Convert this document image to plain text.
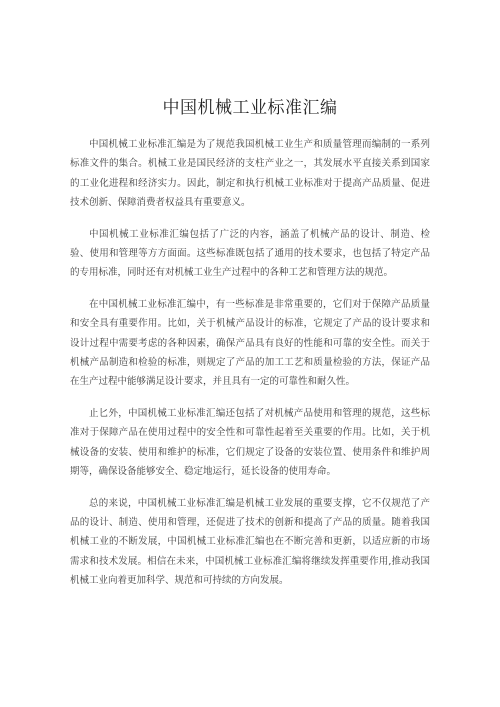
中国机械工业标准汇编

中国机械工业标准汇编是为了规范我国机械工业生产和质量管理而编制的一系列标准文件的集合。机械工业是国民经济的支柱产业之一，其发展水平直接关系到国家的工业化进程和经济实力。因此，制定和执行机械工业标准对于提高产品质量、促进技术创新、保障消费者权益具有重要意义。

中国机械工业标准汇编包括了广泛的内容，涵盖了机械产品的设计、制造、检验、使用和管理等方方面面。这些标准既包括了通用的技术要求，也包括了特定产品的专用标准，同时还有对机械工业生产过程中的各种工艺和管理方法的规范。

在中国机械工业标准汇编中，有一些标准是非常重要的，它们对于保障产品质量和安全具有重要作用。比如，关于机械产品设计的标准，它规定了产品的设计要求和设计过程中需要考虑的各种因素，确保产品具有良好的性能和可靠的安全性。而关于机械产品制造和检验的标准，则规定了产品的加工工艺和质量检验的方法，保证产品在生产过程中能够满足设计要求，并且具有一定的可靠性和耐久性。

止匕外，中国机械工业标准汇编还包括了对机械产品使用和管理的规范，这些标准对于保障产品在使用过程中的安全性和可靠性起着至关重要的作用。比如，关于机械设备的安装、使用和维护的标准，它们规定了设备的安装位置、使用条件和维护周期等，确保设备能够安全、稳定地运行，延长设备的使用寿命。

总的来说，中国机械工业标准汇编是机械工业发展的重要支撑，它不仅规范了产品的设计、制造、使用和管理，还促进了技术的创新和提高了产品的质量。随着我国机械工业的不断发展，中国机械工业标准汇编也在不断完善和更新，以适应新的市场需求和技术发展。相信在未来，中国机械工业标准汇编将继续发挥重要作用,推动我国机械工业向着更加科学、规范和可持续的方向发展。
